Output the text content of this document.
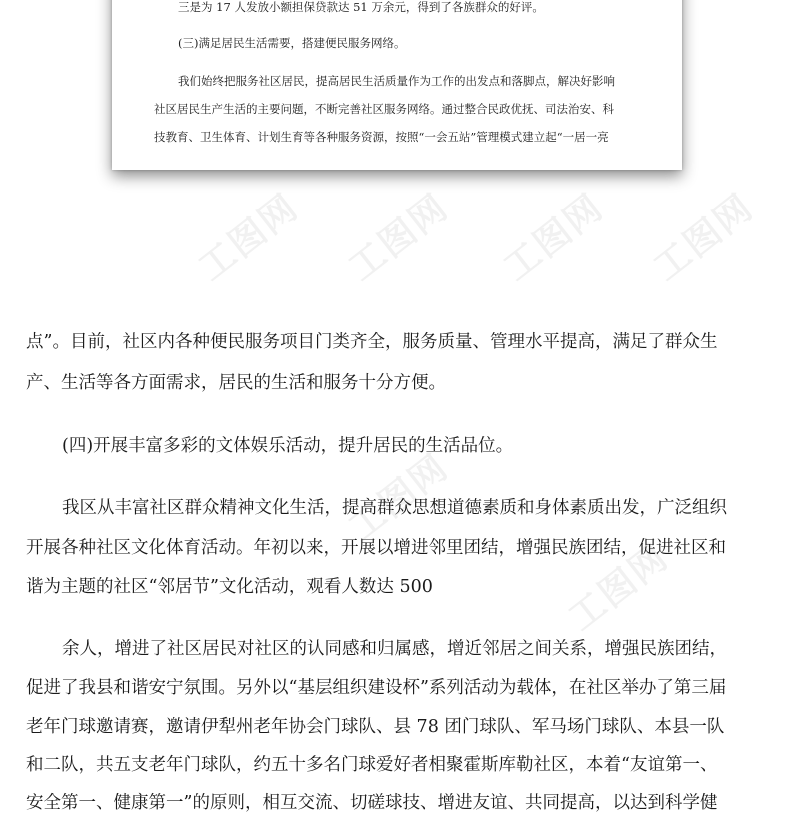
工图网 工图网 工图网 工图网
工图网
工图网
三是为 17 人发放小额担保贷款达 51 万余元，得到了各族群众的好评。
(三)满足居民生活需要，搭建便民服务网络。
我们始终把服务社区居民，提高居民生活质量作为工作的出发点和落脚点，解决好影响
社区居民生产生活的主要问题，不断完善社区服务网络。通过整合民政优抚、司法治安、科
技教育、卫生体育、计划生育等各种服务资源，按照“一会五站”管理模式建立起“一居一亮
点”。目前，社区内各种便民服务项目门类齐全，服务质量、管理水平提高，满足了群众生
产、生活等各方面需求，居民的生活和服务十分方便。
(四)开展丰富多彩的文体娱乐活动，提升居民的生活品位。
我区从丰富社区群众精神文化生活，提高群众思想道德素质和身体素质出发，广泛组织
开展各种社区文化体育活动。年初以来，开展以增进邻里团结，增强民族团结，促进社区和
谐为主题的社区“邻居节”文化活动，观看人数达 500
余人，增进了社区居民对社区的认同感和归属感，增近邻居之间关系，增强民族团结，
促进了我县和谐安宁氛围。另外以“基层组织建设杯”系列活动为载体，在社区举办了第三届
老年门球邀请赛，邀请伊犁州老年协会门球队、县 78 团门球队、军马场门球队、本县一队
和二队，共五支老年门球队，约五十多名门球爱好者相聚霍斯库勒社区，本着“友谊第一、
安全第一、健康第一”的原则，相互交流、切磋球技、增进友谊、共同提高，以达到科学健
